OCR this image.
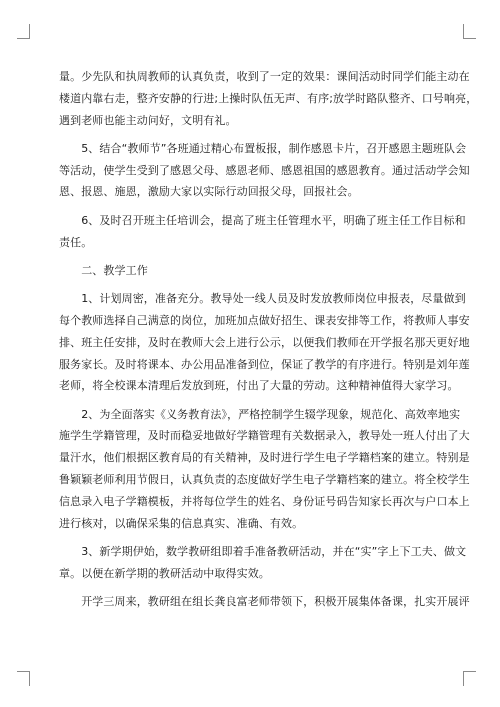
量。少先队和执周教师的认真负责，收到了一定的效果：课间活动时同学们能主动在
楼道内靠右走，整齐安静的行进;上操时队伍无声、有序;放学时路队整齐、口号响亮，
遇到老师也能主动问好，文明有礼。

　　5、结合“教师节”各班通过精心布置板报，制作感恩卡片，召开感恩主题班队会
等活动，使学生受到了感恩父母、感恩老师、感恩祖国的感恩教育。通过活动学会知
恩、报恩、施恩，激励大家以实际行动回报父母，回报社会。

　　6、及时召开班主任培训会，提高了班主任管理水平，明确了班主任工作目标和
责任。

　　二、教学工作

　　1、计划周密，准备充分。教导处一线人员及时发放教师岗位申报表，尽量做到
每个教师选择自己满意的岗位，加班加点做好招生、课表安排等工作，将教师人事安
排、班主任安排，及时在教师大会上进行公示，以便我们教师在开学报名那天更好地
服务家长。及时将课本、办公用品准备到位，保证了教学的有序进行。特别是刘年莲
老师，将全校课本清理后发放到班，付出了大量的劳动。这种精神值得大家学习。

　　2、为全面落实《义务教育法》，严格控制学生辍学现象，规范化、高效率地实
施学生学籍管理，及时而稳妥地做好学籍管理有关数据录入，教导处一班人付出了大
量汗水，他们根据区教育局的有关精神，及时进行学生电子学籍档案的建立。特别是
鲁颖颖老师利用节假日，认真负责的态度做好学生电子学籍档案的建立。将全校学生
信息录入电子学籍模板，并将每位学生的姓名、身份证号码告知家长再次与户口本上
进行核对，以确保采集的信息真实、准确、有效。

　　3、新学期伊始，数学教研组即着手准备教研活动，并在“实”字上下工夫、做文
章。以便在新学期的教研活动中取得实效。

　　开学三周来，教研组在组长龚良富老师带领下，积极开展集体备课，扎实开展评
